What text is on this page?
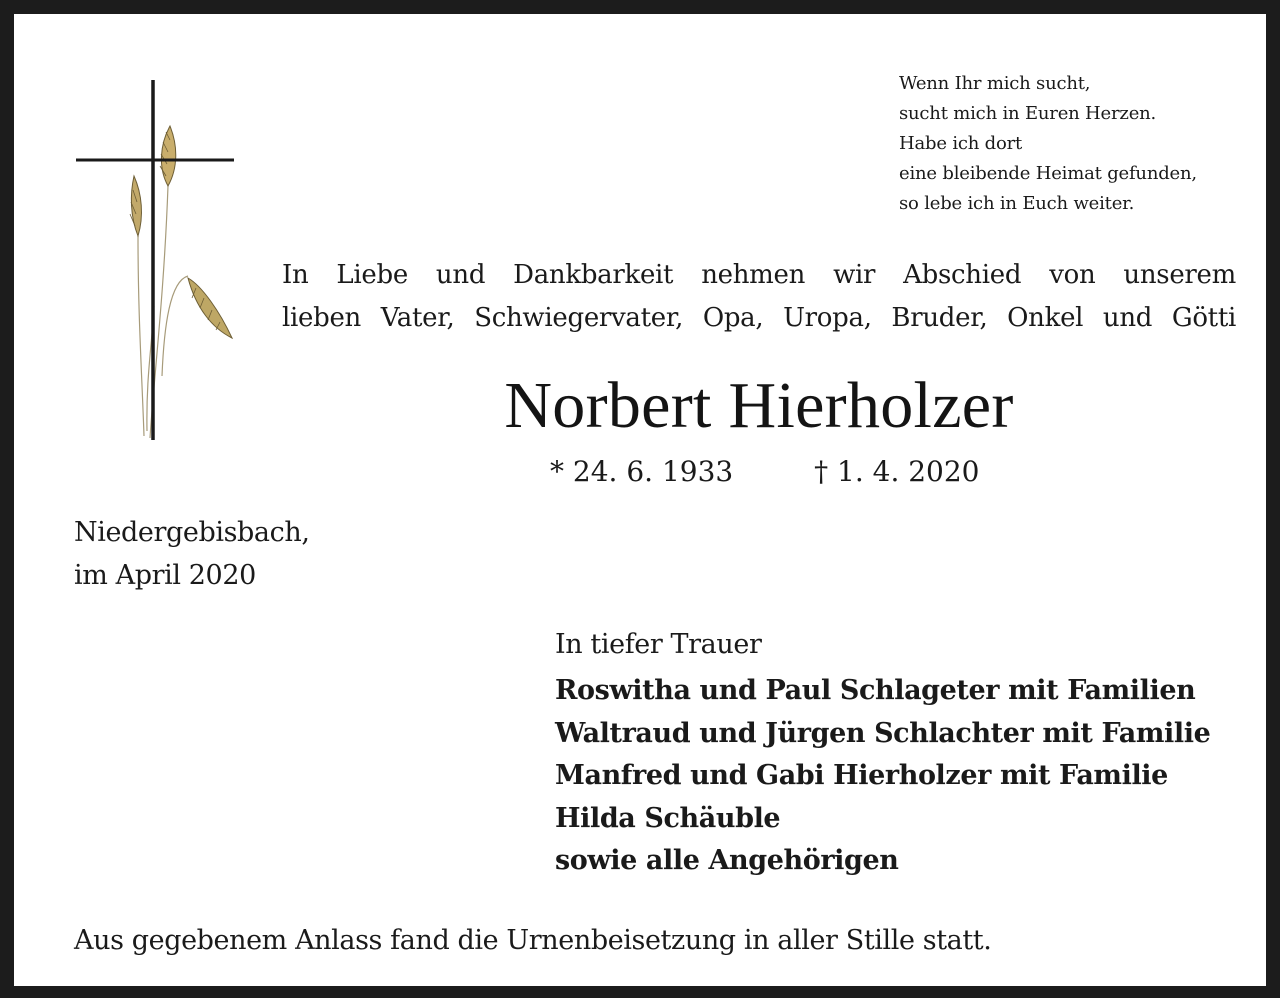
Wenn Ihr mich sucht,
sucht mich in Euren Herzen.
Habe ich dort
eine bleibende Heimat gefunden,
so lebe ich in Euch weiter.
In Liebe und Dankbarkeit nehmen wir Abschied von unserem
lieben Vater, Schwiegervater, Opa, Uropa, Bruder, Onkel und Götti
Norbert Hierholzer
* 24. 6. 1933	† 1. 4. 2020
Niedergebisbach,
im April 2020
In tiefer Trauer
Roswitha und Paul Schlageter mit Familien
Waltraud und Jürgen Schlachter mit Familie
Manfred und Gabi Hierholzer mit Familie
Hilda Schäuble
sowie alle Angehörigen
Aus gegebenem Anlass fand die Urnenbeisetzung in aller Stille statt.
